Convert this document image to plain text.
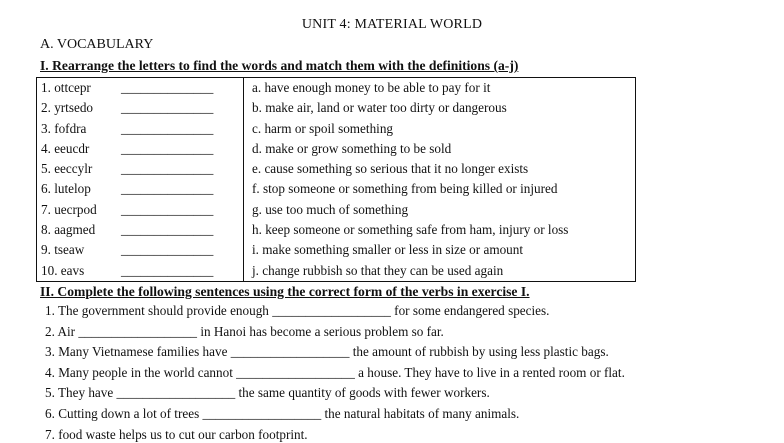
UNIT 4: MATERIAL WORLD
A. VOCABULARY
I. Rearrange the letters to find the words and match them with the definitions (a-j)
1. ottcepr ______________	a. have enough money to be able to pay for it
2. yrtsedo ______________	b. make air, land or water too dirty or dangerous
3. fofdra ______________	c. harm or spoil something
4. eeucdr ______________	d. make or grow something to be sold
5. eeccylr ______________	e. cause something so serious that it no longer exists
6. lutelop ______________	f. stop someone or something from being killed or injured
7. uecrpod ______________	g. use too much of something
8. aagmed ______________	h. keep someone or something safe from ham, injury or loss
9. tseaw ______________	i. make something smaller or less in size or amount
10. eavs ______________	j. change rubbish so that they can be used again
II. Complete the following sentences using the correct form of the verbs in exercise I.
1. The government should provide enough __________________ for some endangered species.
2. Air __________________ in Hanoi has become a serious problem so far.
3. Many Vietnamese families have __________________ the amount of rubbish by using less plastic bags.
4. Many people in the world cannot __________________ a house. They have to live in a rented room or flat.
5. They have __________________ the same quantity of goods with fewer workers.
6. Cutting down a lot of trees __________________ the natural habitats of many animals.
7. food waste helps us to cut our carbon footprint.
